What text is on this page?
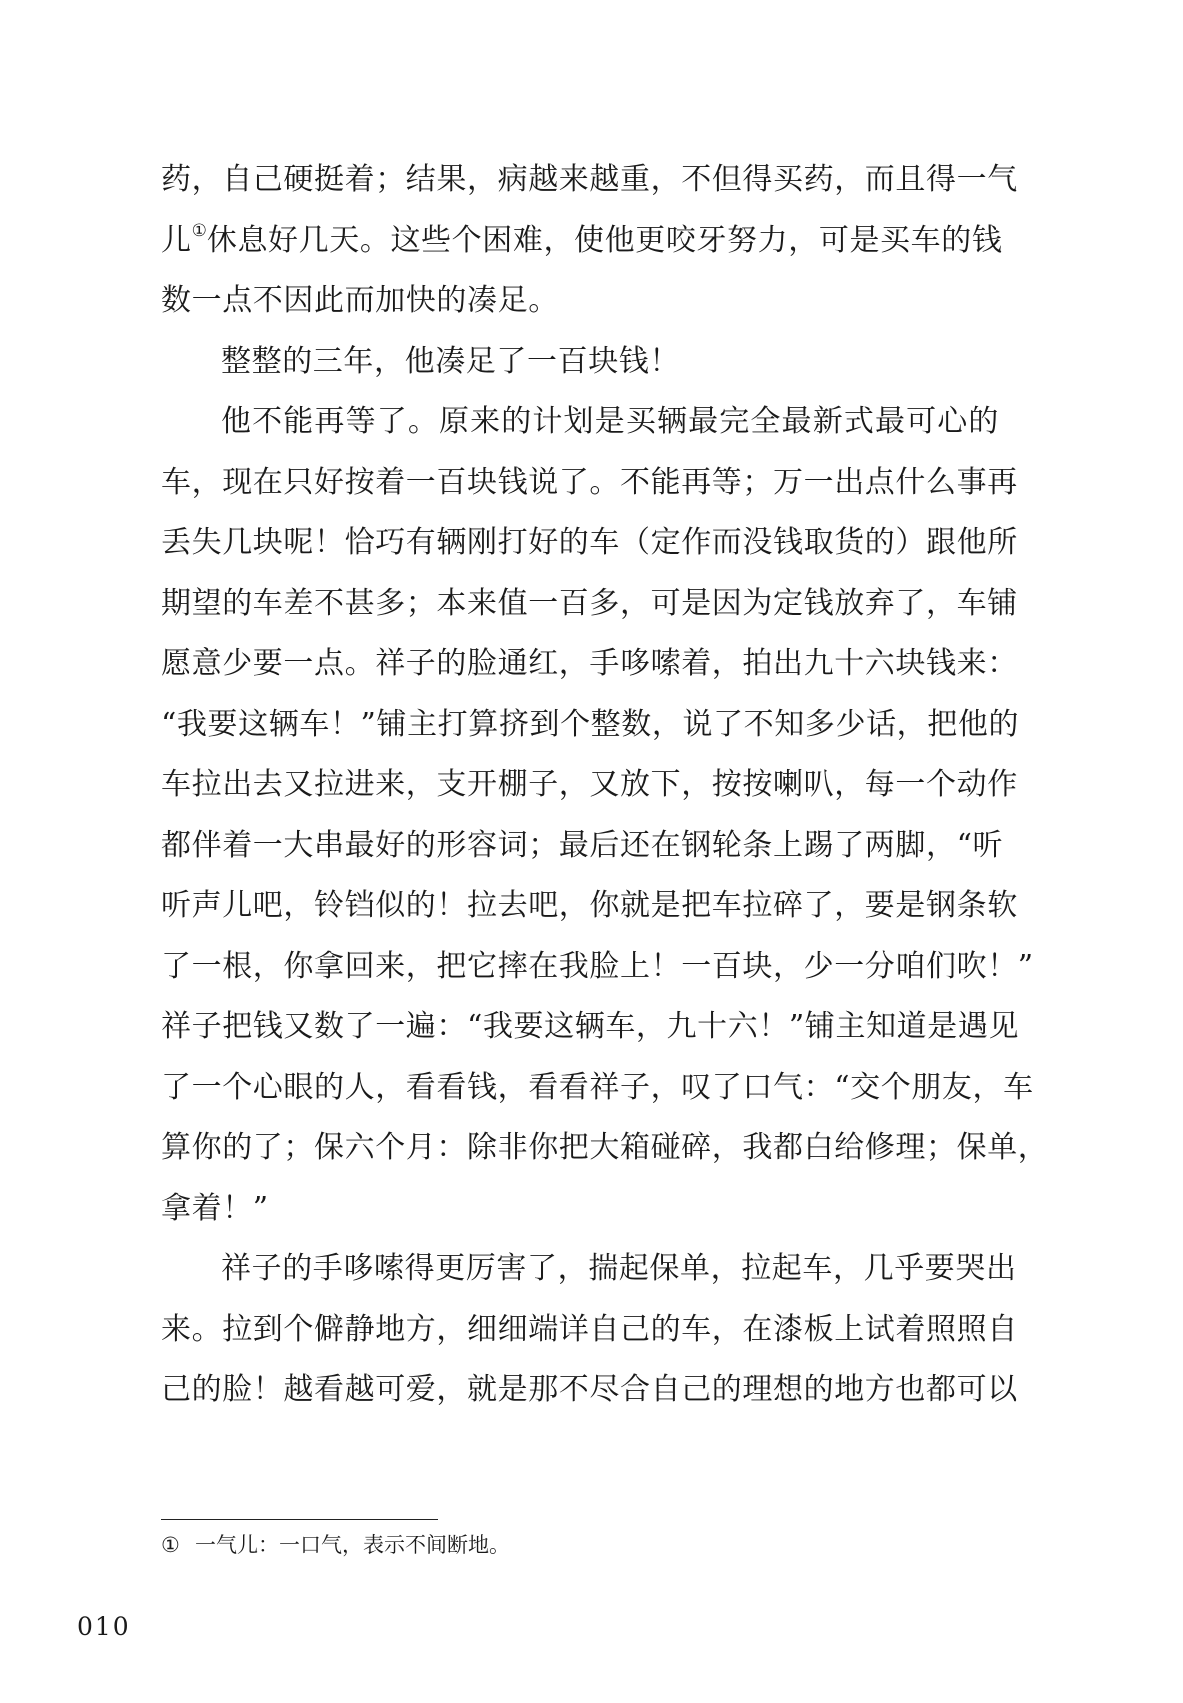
药，自己硬挺着；结果，病越来越重，不但得买药，而且得一气
儿①休息好几天。这些个困难，使他更咬牙努力，可是买车的钱
数一点不因此而加快的凑足。
整整的三年，他凑足了一百块钱！
他不能再等了。原来的计划是买辆最完全最新式最可心的
车，现在只好按着一百块钱说了。不能再等；万一出点什么事再
丢失几块呢！恰巧有辆刚打好的车（定作而没钱取货的）跟他所
期望的车差不甚多；本来值一百多，可是因为定钱放弃了，车铺
愿意少要一点。祥子的脸通红，手哆嗦着，拍出九十六块钱来：
“我要这辆车！”铺主打算挤到个整数，说了不知多少话，把他的
车拉出去又拉进来，支开棚子，又放下，按按喇叭，每一个动作
都伴着一大串最好的形容词；最后还在钢轮条上踢了两脚，“听
听声儿吧，铃铛似的！拉去吧，你就是把车拉碎了，要是钢条软
了一根，你拿回来，把它摔在我脸上！一百块，少一分咱们吹！”
祥子把钱又数了一遍：“我要这辆车，九十六！”铺主知道是遇见
了一个心眼的人，看看钱，看看祥子，叹了口气：“交个朋友，车
算你的了；保六个月：除非你把大箱碰碎，我都白给修理；保单，
拿着！”
祥子的手哆嗦得更厉害了，揣起保单，拉起车，几乎要哭出
来。拉到个僻静地方，细细端详自己的车，在漆板上试着照照自
己的脸！越看越可爱，就是那不尽合自己的理想的地方也都可以
① 一气儿：一口气，表示不间断地。
010
